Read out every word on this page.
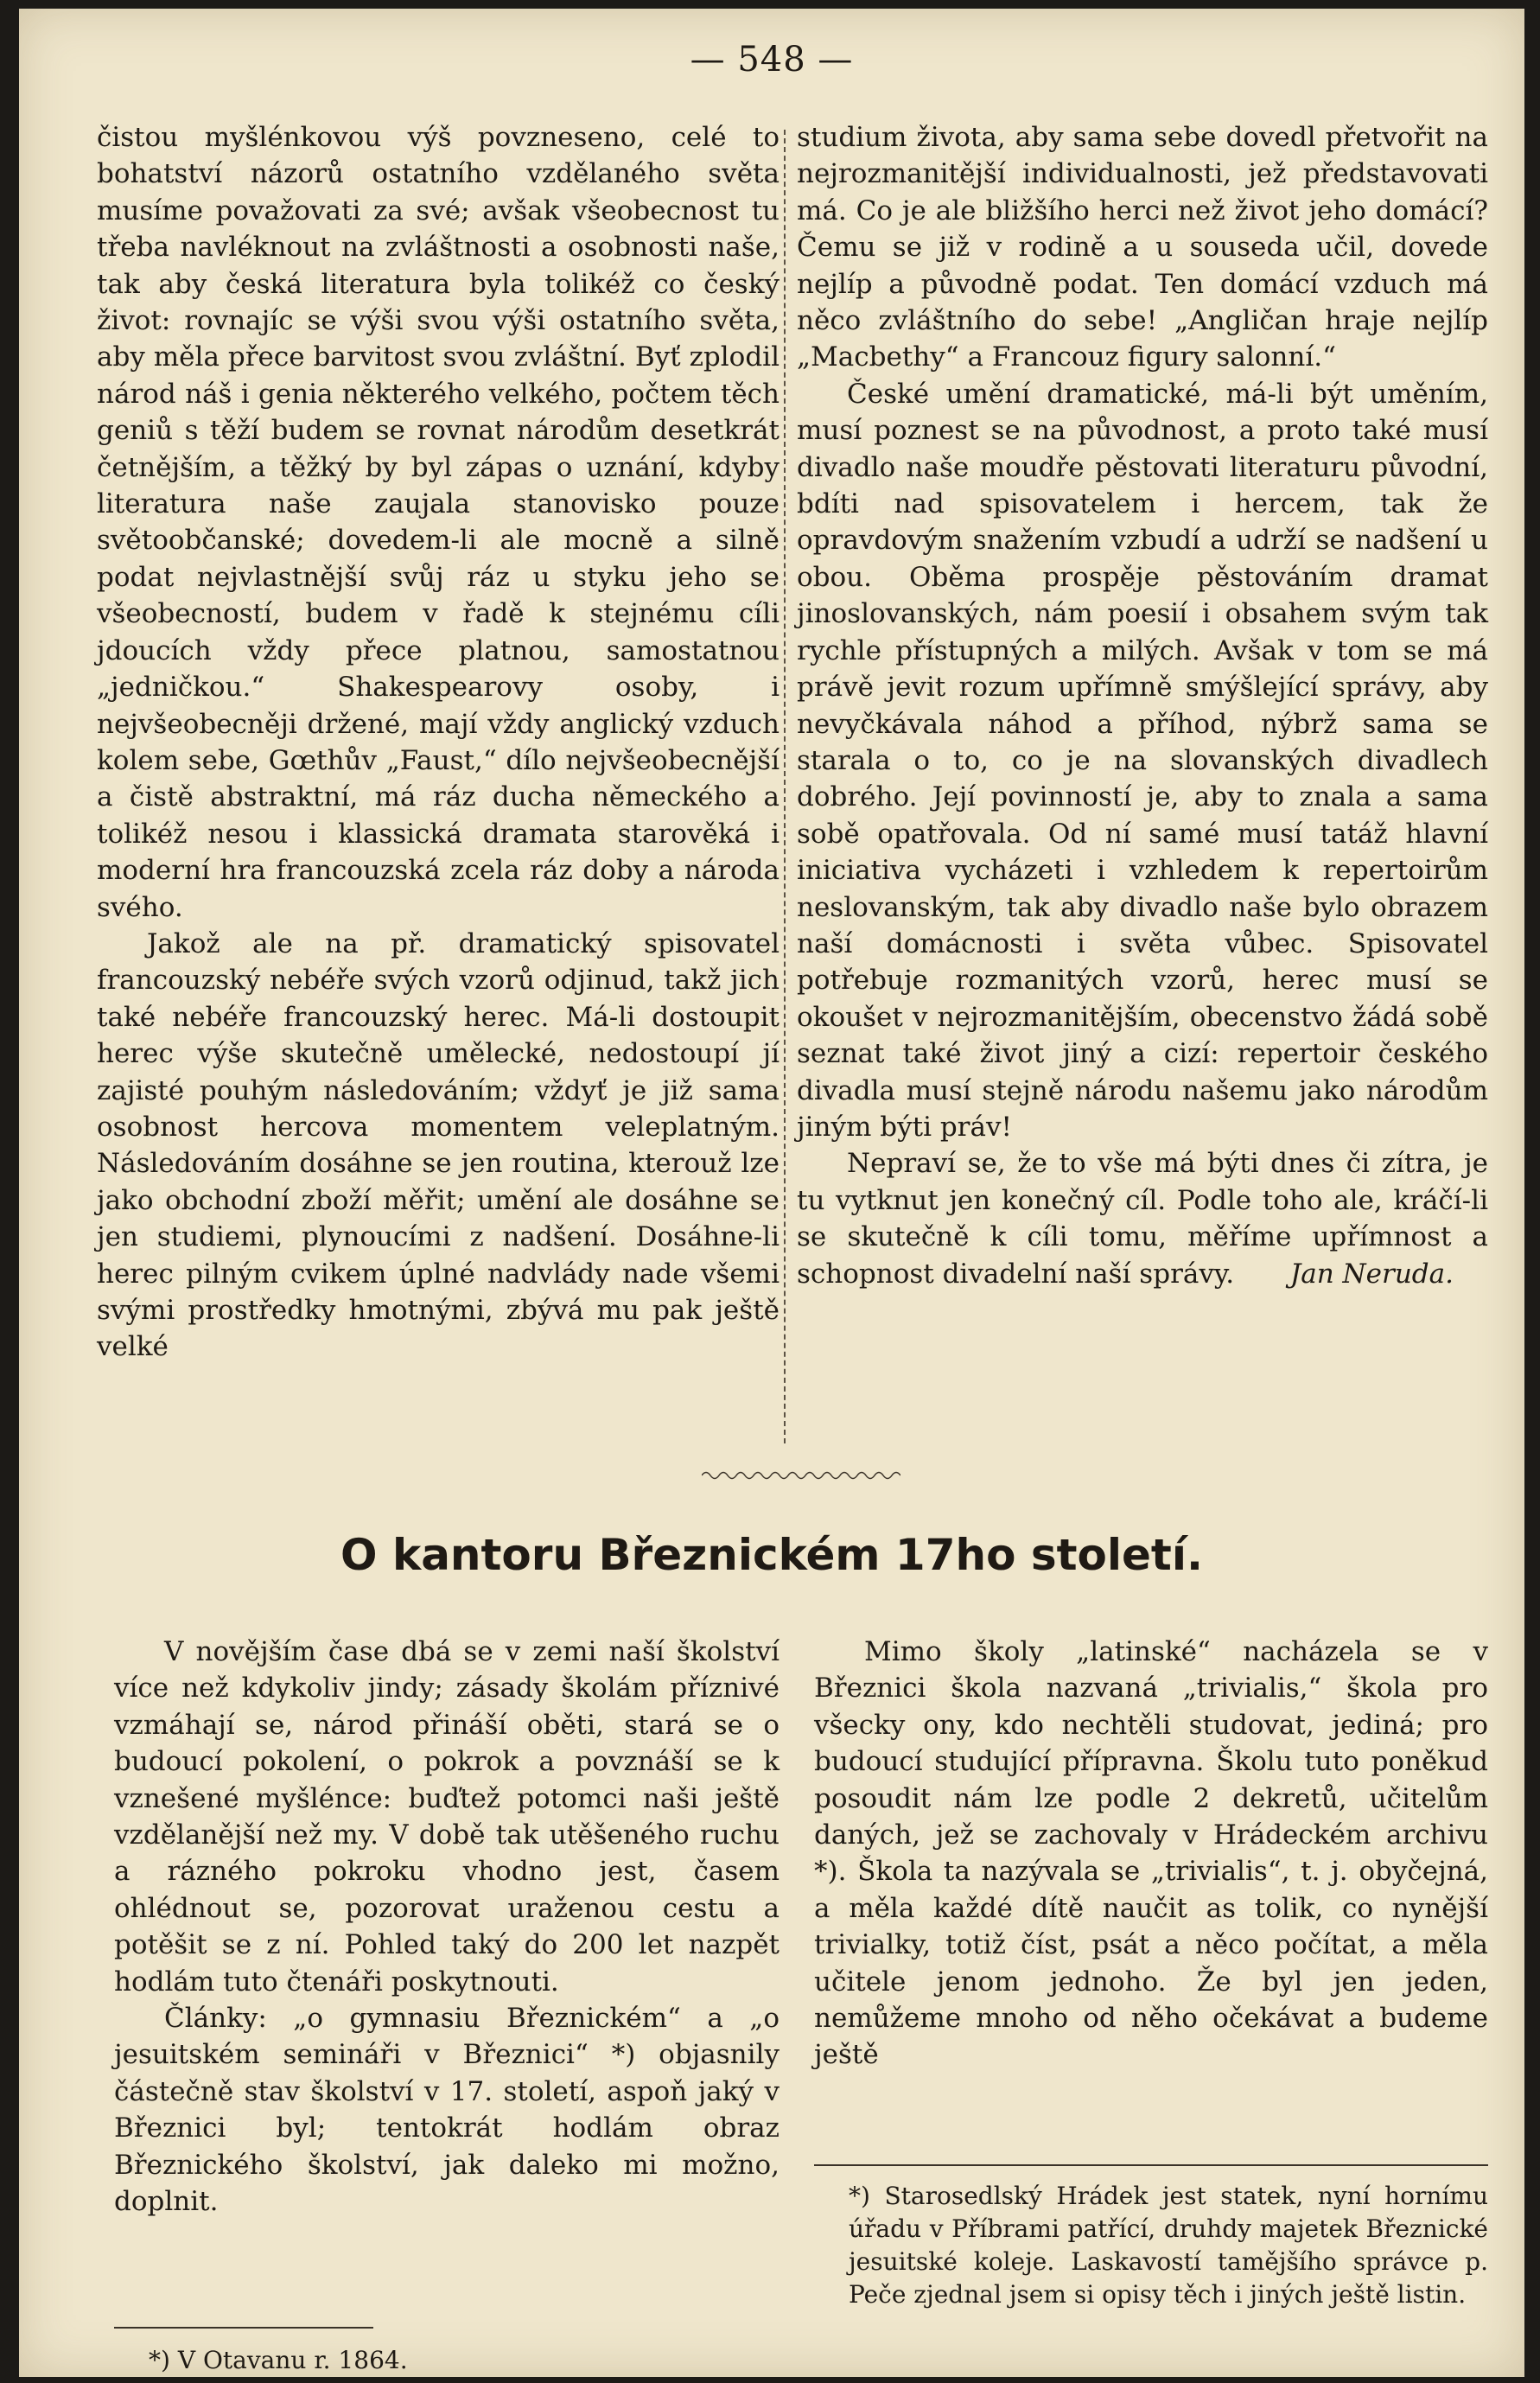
— 548 —

čistou myšlénkovou výš povzneseno, celé to bohatství názorů ostatního vzdělaného světa musíme považovati za své; avšak všeobecnost tu třeba navléknout na zvláštnosti a osobnosti naše, tak aby česká literatura byla tolikéž co český život: rovnajíc se výši svou výši ostatního světa, aby měla přece barvitost svou zvláštní. Byť zplodil národ náš i genia některého velkého, počtem těch geniů s těží budem se rovnat národům desetkrát četnějším, a těžký by byl zápas o uznání, kdyby literatura naše zaujala stanovisko pouze světoobčanské; dovedem-li ale mocně a silně podat nejvlastnější svůj ráz u styku jeho se všeobecností, budem v řadě k stejnému cíli jdoucích vždy přece platnou, samostatnou „jedničkou.“ Shakespearovy osoby, i nejvšeobecněji držené, mají vždy anglický vzduch kolem sebe, Gœthův „Faust,“ dílo nejvšeobecnější a čistě abstraktní, má ráz ducha německého a tolikéž nesou i klassická dramata starověká i moderní hra francouzská zcela ráz doby a národa svého.

Jakož ale na př. dramatický spisovatel francouzský nebéře svých vzorů odjinud, takž jich také nebéře francouzský herec. Má-li dostoupit herec výše skutečně umělecké, nedostoupí jí zajisté pouhým následováním; vždyť je již sama osobnost hercova momentem veleplatným. Následováním dosáhne se jen routina, kterouž lze jako obchodní zboží měřit; umění ale dosáhne se jen studiemi, plynoucími z nadšení. Dosáhne-li herec pilným cvikem úplné nadvlády nade všemi svými prostředky hmotnými, zbývá mu pak ještě velké

studium života, aby sama sebe dovedl přetvořit na nejrozmanitější individualnosti, jež představovati má. Co je ale bližšího herci než život jeho domácí? Čemu se již v rodině a u souseda učil, dovede nejlíp a původně podat. Ten domácí vzduch má něco zvláštního do sebe! „Angličan hraje nejlíp „Macbethy“ a Francouz figury salonní.“

České umění dramatické, má-li být uměním, musí poznest se na původnost, a proto také musí divadlo naše moudře pěstovati literaturu původní, bdíti nad spisovatelem i hercem, tak že opravdovým snažením vzbudí a udrží se nadšení u obou. Oběma prospěje pěstováním dramat jinoslovanských, nám poesií i obsahem svým tak rychle přístupných a milých. Avšak v tom se má právě jevit rozum upřímně smýšlející správy, aby nevyčkávala náhod a příhod, nýbrž sama se starala o to, co je na slovanských divadlech dobrého. Její povinností je, aby to znala a sama sobě opatřovala. Od ní samé musí tatáž hlavní iniciativa vycházeti i vzhledem k repertoirům neslovanským, tak aby divadlo naše bylo obrazem naší domácnosti i světa vůbec. Spisovatel potřebuje rozmanitých vzorů, herec musí se okoušet v nejrozmanitějším, obecenstvo žádá sobě seznat také život jiný a cizí: repertoir českého divadla musí stejně národu našemu jako národům jiným býti práv!

Nepraví se, že to vše má býti dnes či zítra, je tu vytknut jen konečný cíl. Podle toho ale, kráčí-li se skutečně k cíli tomu, měříme upřímnost a schopnost divadelní naší správy.	Jan Neruda.
O kantoru Březnickém 17ho století.

V novějším čase dbá se v zemi naší školství více než kdykoliv jindy; zásady školám příznivé vzmáhají se, národ přináší oběti, stará se o budoucí pokolení, o pokrok a povznáší se k vznešené myšlénce: buďtež potomci naši ještě vzdělanější než my. V době tak utěšeného ruchu a rázného pokroku vhodno jest, časem ohlédnout se, pozorovat uraženou cestu a potěšit se z ní. Pohled taký do 200 let nazpět hodlám tuto čtenáři poskytnouti.

Články: „o gymnasiu Březnickém“ a „o jesuitském semináři v Březnici“ *) objasnily částečně stav školství v 17. století, aspoň jaký v Březnici byl; tentokrát hodlám obraz Březnického školství, jak daleko mi možno, doplnit.

Mimo školy „latinské“ nacházela se v Březnici škola nazvaná „trivialis,“ škola pro všecky ony, kdo nechtěli studovat, jediná; pro budoucí studující přípravna. Školu tuto poněkud posoudit nám lze podle 2 dekretů, učitelům daných, jež se zachovaly v Hrádeckém archivu *). Škola ta nazývala se „trivialis“, t. j. obyčejná, a měla každé dítě naučit as tolik, co nynější trivialky, totiž číst, psát a něco počítat, a měla učitele jenom jednoho. Že byl jen jeden, nemůžeme mnoho od něho očekávat a budeme ještě

*) V Otavanu r. 1864.
*) Starosedlský Hrádek jest statek, nyní hornímu úřadu v Příbrami patřící, druhdy majetek Březnické jesuitské koleje. Laskavostí tamějšího správce p. Peče zjednal jsem si opisy těch i jiných ještě listin.
